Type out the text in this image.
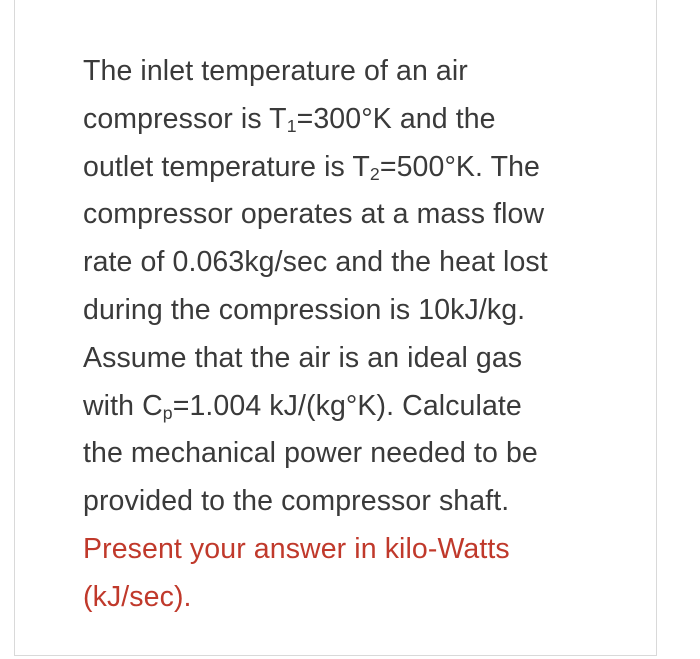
The inlet temperature of an air
compressor is $T_1=300^\circ K$ and the
outlet temperature is $T_2=500^\circ K$. The
compressor operates at a mass flow
rate of 0.063kg/sec and the heat lost
during the compression is 10kJ/kg.
Assume that the air is an ideal gas
with $C_p=1.004$ kJ/(kg°K). Calculate
the mechanical power needed to be
provided to the compressor shaft.
Present your answer in kilo-Watts
(kJ/sec).
